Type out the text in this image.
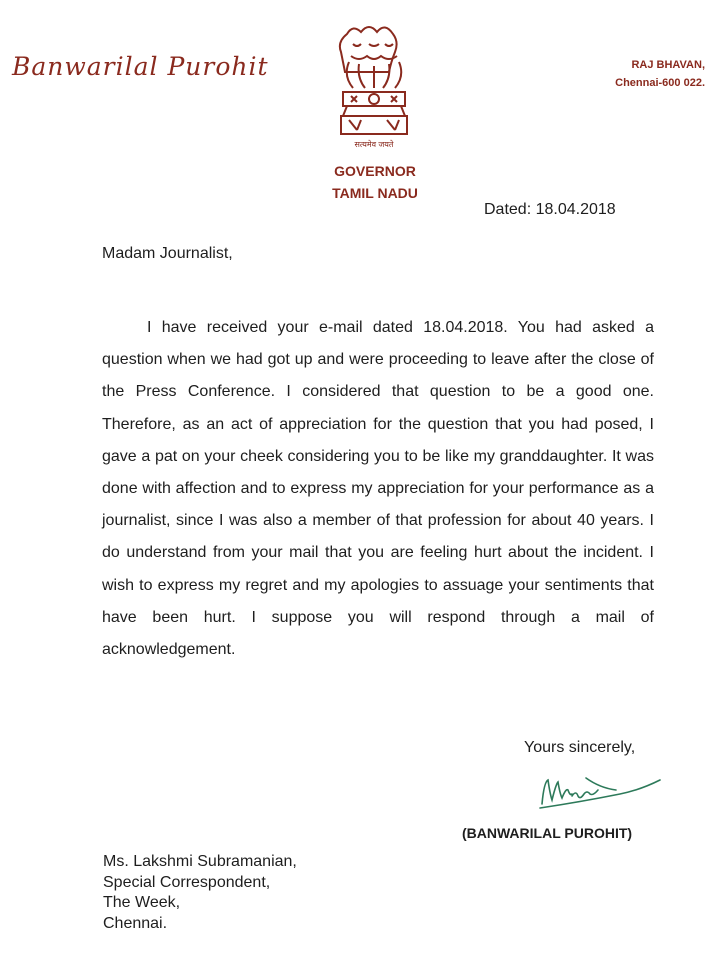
Banwarilal Purohit
सत्यमेव जयते
GOVERNOR
TAMIL NADU
RAJ BHAVAN,
Chennai-600 022.
Dated: 18.04.2018
Madam Journalist,

I have received your e-mail dated 18.04.2018. You had asked a question when we had got up and were proceeding to leave after the close of the Press Conference. I considered that question to be a good one. Therefore, as an act of appreciation for the question that you had posed, I gave a pat on your cheek considering you to be like my granddaughter. It was done with affection and to express my appreciation for your performance as a journalist, since I was also a member of that profession for about 40 years. I do understand from your mail that you are feeling hurt about the incident. I wish to express my regret and my apologies to assuage your sentiments that have been hurt. I suppose you will respond through a mail of acknowledgement.

Yours sincerely,
(BANWARILAL PUROHIT)
Ms. Lakshmi Subramanian,
Special Correspondent,
The Week,
Chennai.
